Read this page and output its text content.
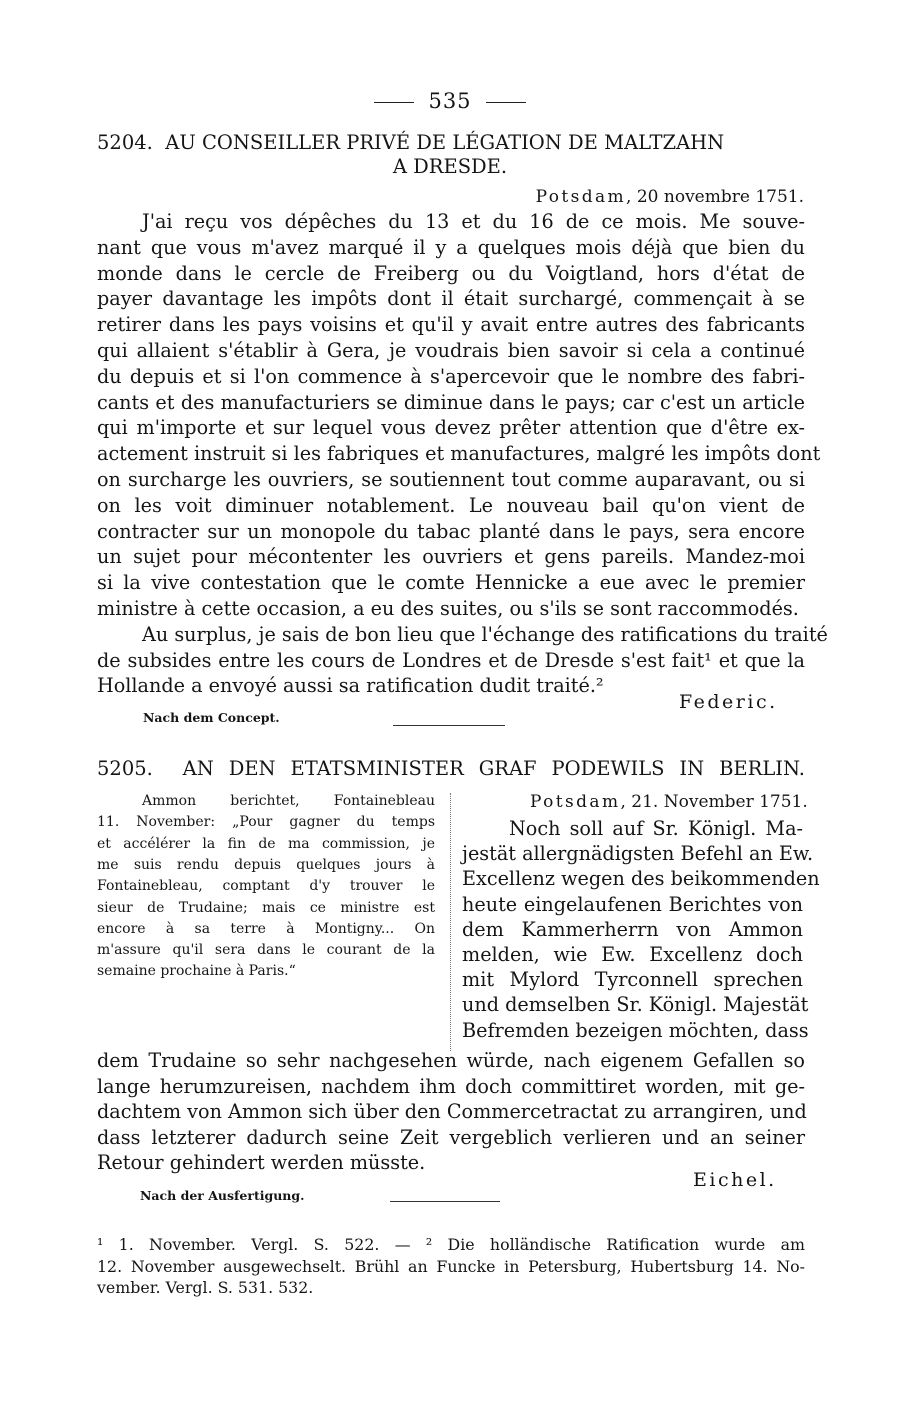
535
5204. AU CONSEILLER PRIVÉ DE LÉGATION DE MALTZAHN
A DRESDE.
Potsdam, 20 novembre 1751.
J'ai reçu vos dépêches du 13 et du 16 de ce mois. Me souve-
nant que vous m'avez marqué il y a quelques mois déjà que bien du
monde dans le cercle de Freiberg ou du Voigtland, hors d'état de
payer davantage les impôts dont il était surchargé, commençait à se
retirer dans les pays voisins et qu'il y avait entre autres des fabricants
qui allaient s'établir à Gera, je voudrais bien savoir si cela a continué
du depuis et si l'on commence à s'apercevoir que le nombre des fabri-
cants et des manufacturiers se diminue dans le pays; car c'est un article
qui m'importe et sur lequel vous devez prêter attention que d'être ex-
actement instruit si les fabriques et manufactures, malgré les impôts dont
on surcharge les ouvriers, se soutiennent tout comme auparavant, ou si
on les voit diminuer notablement. Le nouveau bail qu'on vient de
contracter sur un monopole du tabac planté dans le pays, sera encore
un sujet pour mécontenter les ouvriers et gens pareils. Mandez-moi
si la vive contestation que le comte Hennicke a eue avec le premier
ministre à cette occasion, a eu des suites, ou s'ils se sont raccommodés.
Au surplus, je sais de bon lieu que l'échange des ratifications du traité
de subsides entre les cours de Londres et de Dresde s'est fait¹ et que la
Hollande a envoyé aussi sa ratification dudit traité.²
Federic.
Nach dem Concept.
5205. AN DEN ETATSMINISTER GRAF PODEWILS IN BERLIN.
Ammon berichtet, Fontainebleau
11. November: „Pour gagner du temps
et accélérer la fin de ma commission, je
me suis rendu depuis quelques jours à
Fontainebleau, comptant d'y trouver le
sieur de Trudaine; mais ce ministre est
encore à sa terre à Montigny... On
m'assure qu'il sera dans le courant de la
semaine prochaine à Paris.“
Potsdam, 21. November 1751.
Noch soll auf Sr. Königl. Ma-
jestät allergnädigsten Befehl an Ew.
Excellenz wegen des beikommenden
heute eingelaufenen Berichtes von
dem Kammerherrn von Ammon
melden, wie Ew. Excellenz doch
mit Mylord Tyrconnell sprechen
und demselben Sr. Königl. Majestät
Befremden bezeigen möchten, dass
dem Trudaine so sehr nachgesehen würde, nach eigenem Gefallen so
lange herumzureisen, nachdem ihm doch committiret worden, mit ge-
dachtem von Ammon sich über den Commercetractat zu arrangiren, und
dass letzterer dadurch seine Zeit vergeblich verlieren und an seiner
Retour gehindert werden müsste.
Eichel.
Nach der Ausfertigung.
¹ 1. November. Vergl. S. 522. — ² Die holländische Ratification wurde am
12. November ausgewechselt. Brühl an Funcke in Petersburg, Hubertsburg 14. No-
vember. Vergl. S. 531. 532.
